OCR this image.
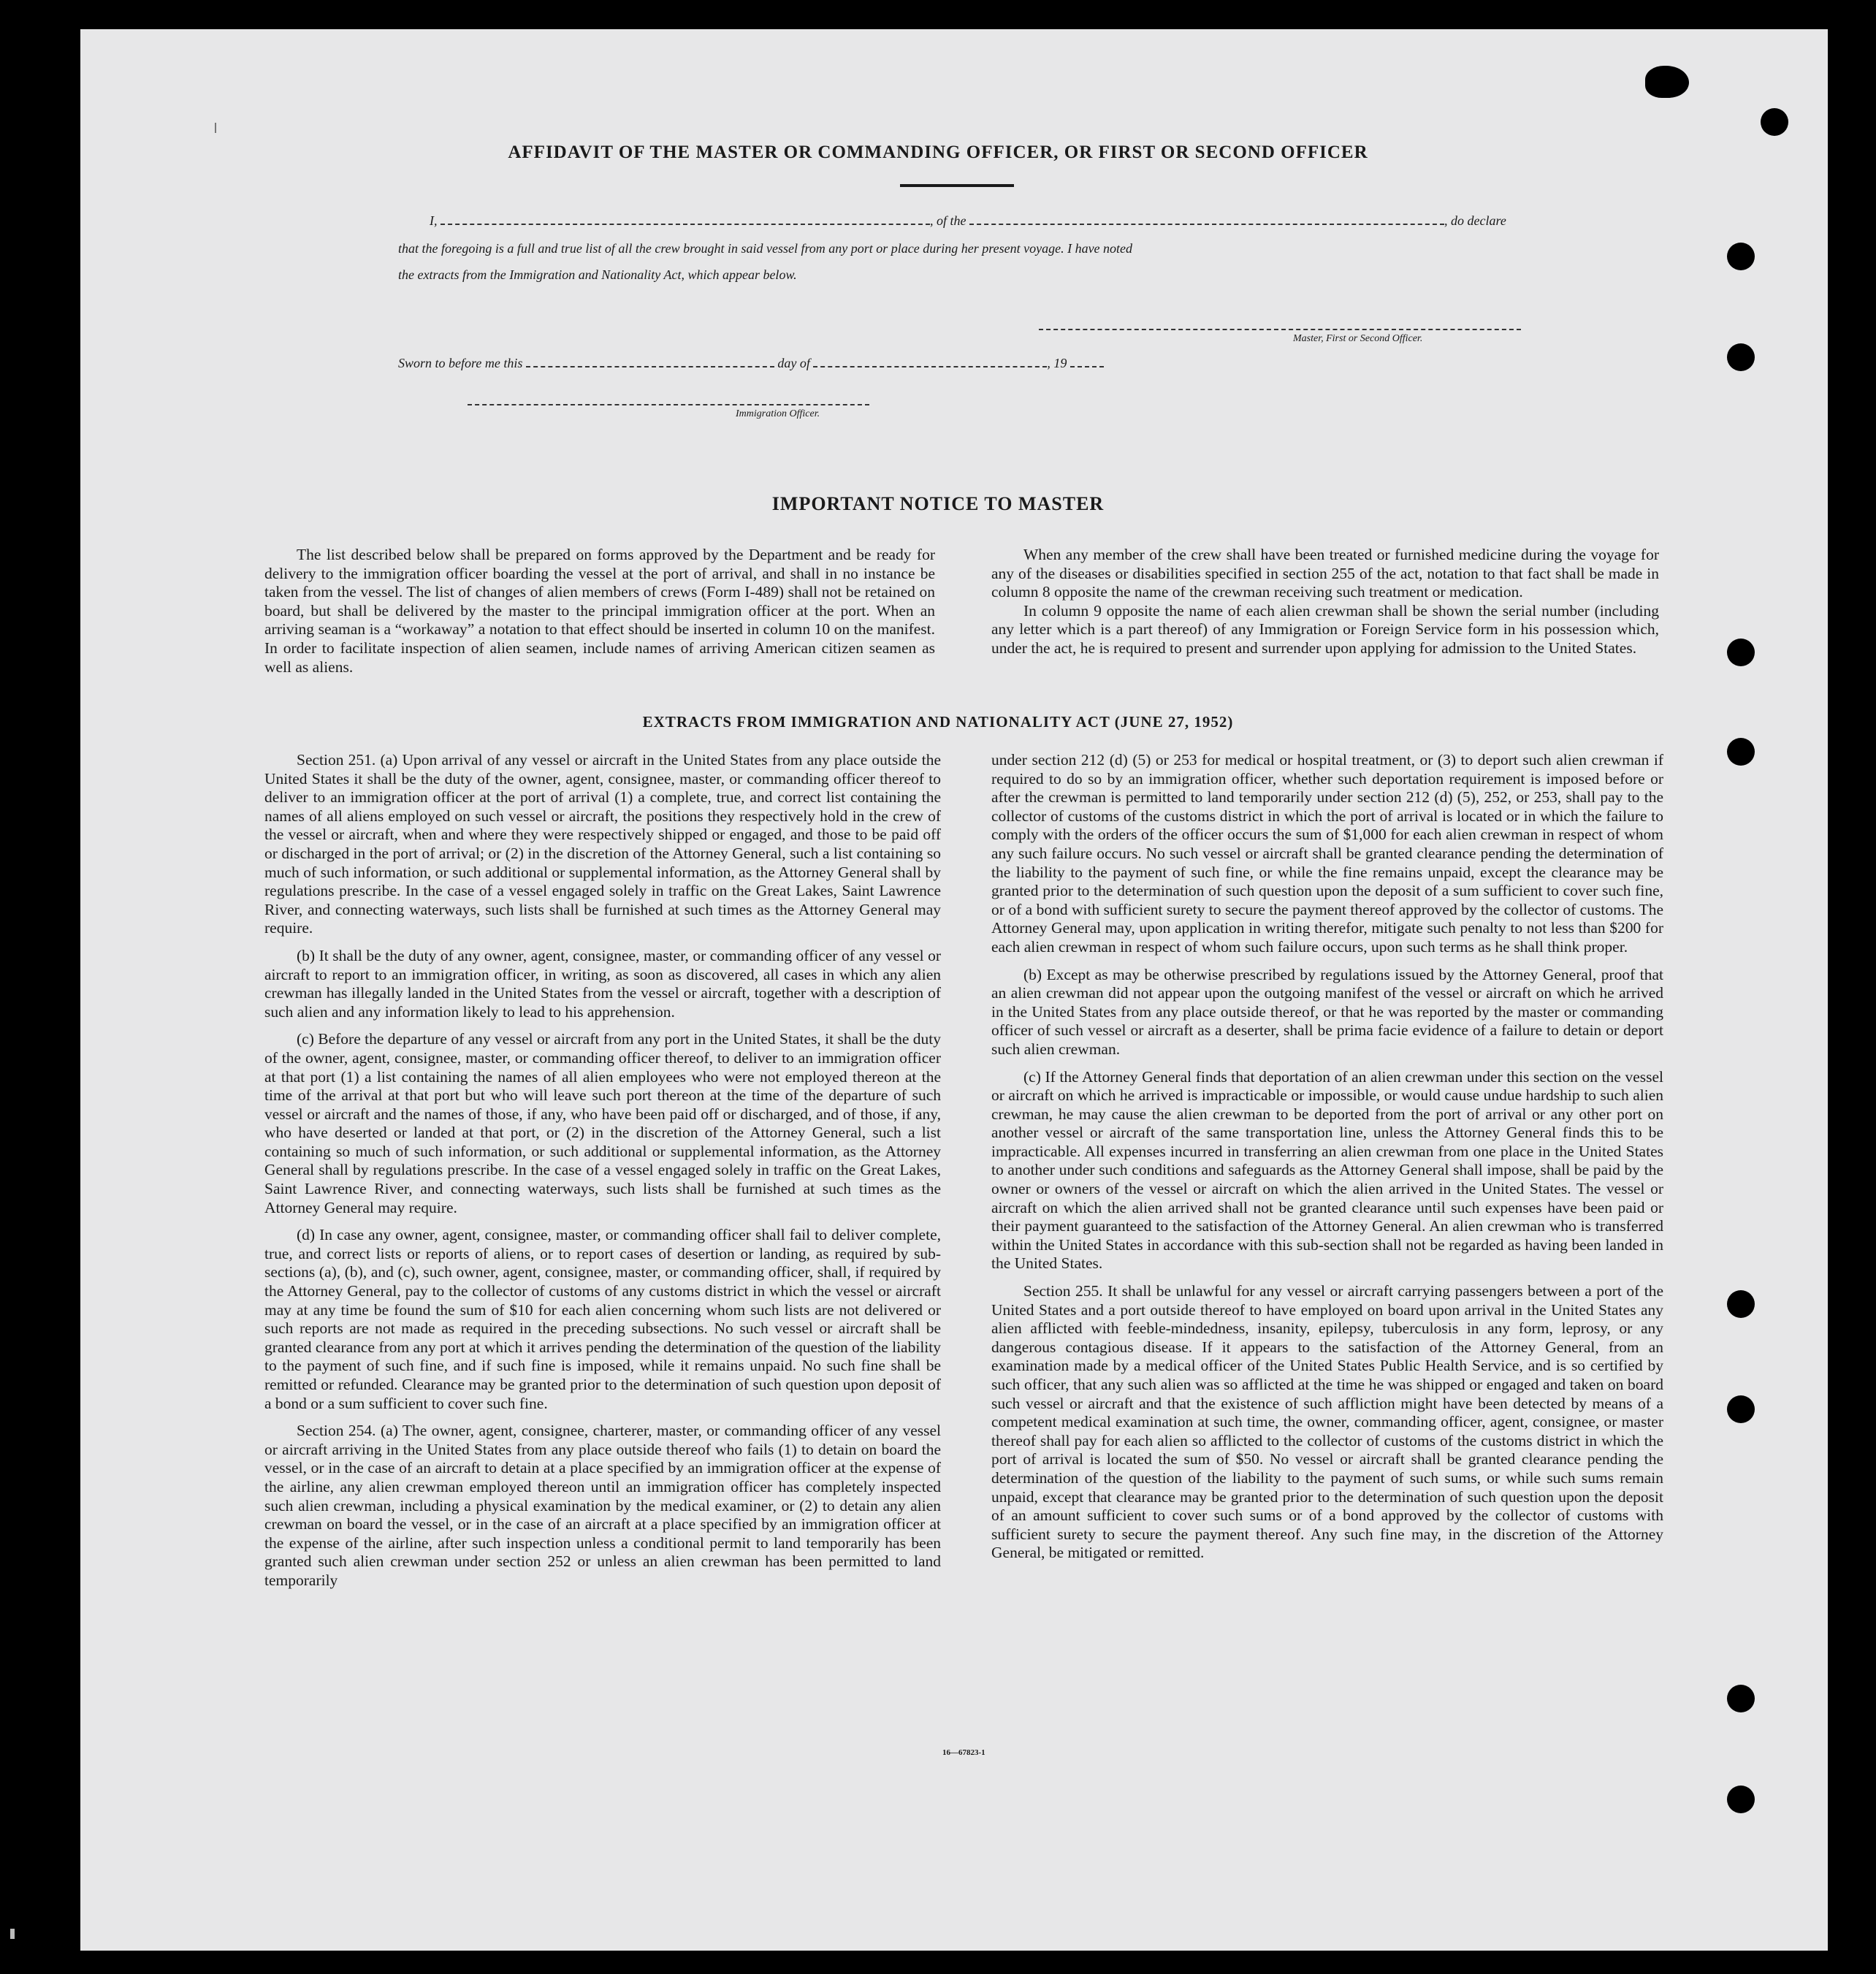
AFFIDAVIT OF THE MASTER OR COMMANDING OFFICER, OR FIRST OR SECOND OFFICER
I,	, of the	, do declare
that the foregoing is a full and true list of all the crew brought in said vessel from any port or place during her present voyage. I have noted
the extracts from the Immigration and Nationality Act, which appear below.
Master, First or Second Officer.
Sworn to before me this	day of	, 19
Immigration Officer.
IMPORTANT NOTICE TO MASTER

The list described below shall be prepared on forms approved by the Department and be ready for delivery to the immigration officer boarding the vessel at the port of arrival, and shall in no instance be taken from the vessel. The list of changes of alien members of crews (Form I-489) shall not be retained on board, but shall be delivered by the master to the principal immigration officer at the port. When an arriving seaman is a “workaway” a notation to that effect should be inserted in column 10 on the manifest. In order to facilitate inspection of alien seamen, include names of arriving American citizen seamen as well as aliens.

When any member of the crew shall have been treated or furnished medicine during the voyage for any of the diseases or disabilities specified in section 255 of the act, notation to that fact shall be made in column 8 opposite the name of the crewman receiving such treatment or medication.

In column 9 opposite the name of each alien crewman shall be shown the serial number (including any letter which is a part thereof) of any Immigration or Foreign Service form in his possession which, under the act, he is required to present and surrender upon applying for admission to the United States.

EXTRACTS FROM IMMIGRATION AND NATIONALITY ACT (JUNE 27, 1952)

Section 251. (a) Upon arrival of any vessel or aircraft in the United States from any place outside the United States it shall be the duty of the owner, agent, consignee, master, or commanding officer thereof to deliver to an immigration officer at the port of arrival (1) a complete, true, and correct list containing the names of all aliens employed on such vessel or aircraft, the positions they respectively hold in the crew of the vessel or aircraft, when and where they were respectively shipped or engaged, and those to be paid off or discharged in the port of arrival; or (2) in the discretion of the Attorney General, such a list containing so much of such information, or such additional or supplemental information, as the Attorney General shall by regulations prescribe. In the case of a vessel engaged solely in traffic on the Great Lakes, Saint Lawrence River, and connecting waterways, such lists shall be furnished at such times as the Attorney General may require.

(b) It shall be the duty of any owner, agent, consignee, master, or commanding officer of any vessel or aircraft to report to an immigration officer, in writing, as soon as discovered, all cases in which any alien crewman has illegally landed in the United States from the vessel or aircraft, together with a description of such alien and any information likely to lead to his apprehension.

(c) Before the departure of any vessel or aircraft from any port in the United States, it shall be the duty of the owner, agent, consignee, master, or commanding officer thereof, to deliver to an immigration officer at that port (1) a list containing the names of all alien employees who were not employed thereon at the time of the arrival at that port but who will leave such port thereon at the time of the departure of such vessel or aircraft and the names of those, if any, who have been paid off or discharged, and of those, if any, who have deserted or landed at that port, or (2) in the discretion of the Attorney General, such a list containing so much of such information, or such additional or supplemental information, as the Attorney General shall by regulations prescribe. In the case of a vessel engaged solely in traffic on the Great Lakes, Saint Lawrence River, and connecting waterways, such lists shall be furnished at such times as the Attorney General may require.

(d) In case any owner, agent, consignee, master, or commanding officer shall fail to deliver complete, true, and correct lists or reports of aliens, or to report cases of desertion or landing, as required by sub-sections (a), (b), and (c), such owner, agent, consignee, master, or commanding officer, shall, if required by the Attorney General, pay to the collector of customs of any customs district in which the vessel or aircraft may at any time be found the sum of $10 for each alien concerning whom such lists are not delivered or such reports are not made as required in the preceding subsections. No such vessel or aircraft shall be granted clearance from any port at which it arrives pending the determination of the question of the liability to the payment of such fine, and if such fine is imposed, while it remains unpaid. No such fine shall be remitted or refunded. Clearance may be granted prior to the determination of such question upon deposit of a bond or a sum sufficient to cover such fine.

Section 254. (a) The owner, agent, consignee, charterer, master, or commanding officer of any vessel or aircraft arriving in the United States from any place outside thereof who fails (1) to detain on board the vessel, or in the case of an aircraft to detain at a place specified by an immigration officer at the expense of the airline, any alien crewman employed thereon until an immigration officer has completely inspected such alien crewman, including a physical examination by the medical examiner, or (2) to detain any alien crewman on board the vessel, or in the case of an aircraft at a place specified by an immigration officer at the expense of the airline, after such inspection unless a conditional permit to land temporarily has been granted such alien crewman under section 252 or unless an alien crewman has been permitted to land temporarily

under section 212 (d) (5) or 253 for medical or hospital treatment, or (3) to deport such alien crewman if required to do so by an immigration officer, whether such deportation requirement is imposed before or after the crewman is permitted to land temporarily under section 212 (d) (5), 252, or 253, shall pay to the collector of customs of the customs district in which the port of arrival is located or in which the failure to comply with the orders of the officer occurs the sum of $1,000 for each alien crewman in respect of whom any such failure occurs. No such vessel or aircraft shall be granted clearance pending the determination of the liability to the payment of such fine, or while the fine remains unpaid, except the clearance may be granted prior to the determination of such question upon the deposit of a sum sufficient to cover such fine, or of a bond with sufficient surety to secure the payment thereof approved by the collector of customs. The Attorney General may, upon application in writing therefor, mitigate such penalty to not less than $200 for each alien crewman in respect of whom such failure occurs, upon such terms as he shall think proper.

(b) Except as may be otherwise prescribed by regulations issued by the Attorney General, proof that an alien crewman did not appear upon the outgoing manifest of the vessel or aircraft on which he arrived in the United States from any place outside thereof, or that he was reported by the master or commanding officer of such vessel or aircraft as a deserter, shall be prima facie evidence of a failure to detain or deport such alien crewman.

(c) If the Attorney General finds that deportation of an alien crewman under this section on the vessel or aircraft on which he arrived is impracticable or impossible, or would cause undue hardship to such alien crewman, he may cause the alien crewman to be deported from the port of arrival or any other port on another vessel or aircraft of the same transportation line, unless the Attorney General finds this to be impracticable. All expenses incurred in transferring an alien crewman from one place in the United States to another under such conditions and safeguards as the Attorney General shall impose, shall be paid by the owner or owners of the vessel or aircraft on which the alien arrived in the United States. The vessel or aircraft on which the alien arrived shall not be granted clearance until such expenses have been paid or their payment guaranteed to the satisfaction of the Attorney General. An alien crewman who is transferred within the United States in accordance with this sub-section shall not be regarded as having been landed in the United States.

Section 255. It shall be unlawful for any vessel or aircraft carrying passengers between a port of the United States and a port outside thereof to have employed on board upon arrival in the United States any alien afflicted with feeble-mindedness, insanity, epilepsy, tuberculosis in any form, leprosy, or any dangerous contagious disease. If it appears to the satisfaction of the Attorney General, from an examination made by a medical officer of the United States Public Health Service, and is so certified by such officer, that any such alien was so afflicted at the time he was shipped or engaged and taken on board such vessel or aircraft and that the existence of such affliction might have been detected by means of a competent medical examination at such time, the owner, commanding officer, agent, consignee, or master thereof shall pay for each alien so afflicted to the collector of customs of the customs district in which the port of arrival is located the sum of $50. No vessel or aircraft shall be granted clearance pending the determination of the question of the liability to the payment of such sums, or while such sums remain unpaid, except that clearance may be granted prior to the determination of such question upon the deposit of an amount sufficient to cover such sums or of a bond approved by the collector of customs with sufficient surety to secure the payment thereof. Any such fine may, in the discretion of the Attorney General, be mitigated or remitted.

16—67823-1
